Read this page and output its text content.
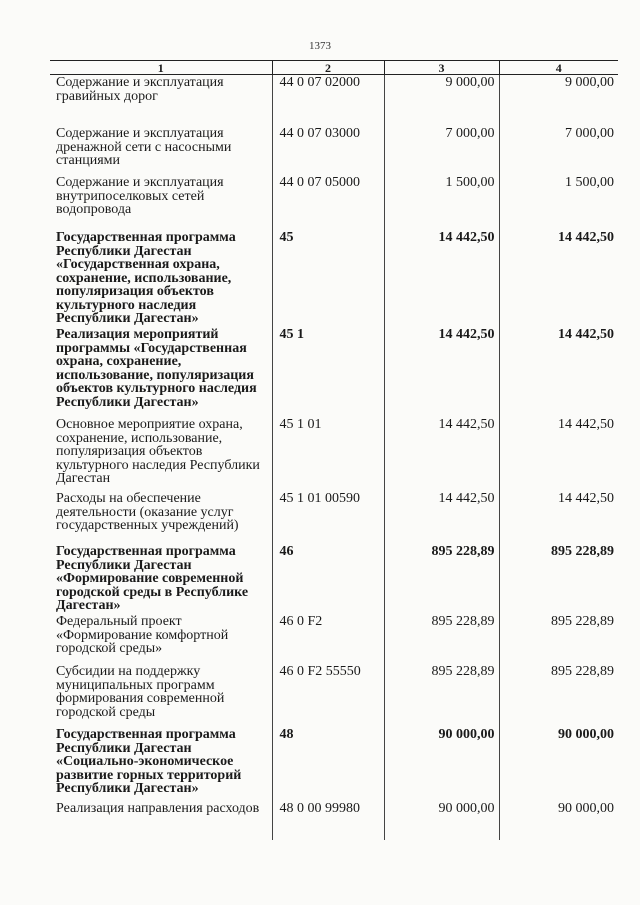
1373
1	2	3	4
Содержание и эксплуатация гравийных дорог	44 0 07 02000	9 000,00	9 000,00
Содержание и эксплуатация дренажной сети с насосными станциями	44 0 07 03000	7 000,00	7 000,00
Содержание и эксплуатация внутрипоселковых сетей водопровода	44 0 07 05000	1 500,00	1 500,00
Государственная программа Республики Дагестан «Государственная охрана, сохранение, использование, популяризация объектов культурного наследия Республики Дагестан»	45	14 442,50	14 442,50
Реализация мероприятий программы «Государственная охрана, сохранение, использование, популяризация объектов культурного наследия Республики Дагестан»	45 1	14 442,50	14 442,50
Основное мероприятие охрана, сохранение, использование, популяризация объектов культурного наследия Республики Дагестан	45 1 01	14 442,50	14 442,50
Расходы на обеспечение деятельности (оказание услуг государственных учреждений)	45 1 01 00590	14 442,50	14 442,50
Государственная программа Республики Дагестан «Формирование современной городской среды в Республике Дагестан»	46	895 228,89	895 228,89
Федеральный проект «Формирование комфортной городской среды»	46 0 F2	895 228,89	895 228,89
Субсидии на поддержку муниципальных программ формирования современной городской среды	46 0 F2 55550	895 228,89	895 228,89
Государственная программа Республики Дагестан «Социально-экономическое развитие горных территорий Республики Дагестан»	48	90 000,00	90 000,00
Реализация направления расходов	48 0 00 99980	90 000,00	90 000,00
